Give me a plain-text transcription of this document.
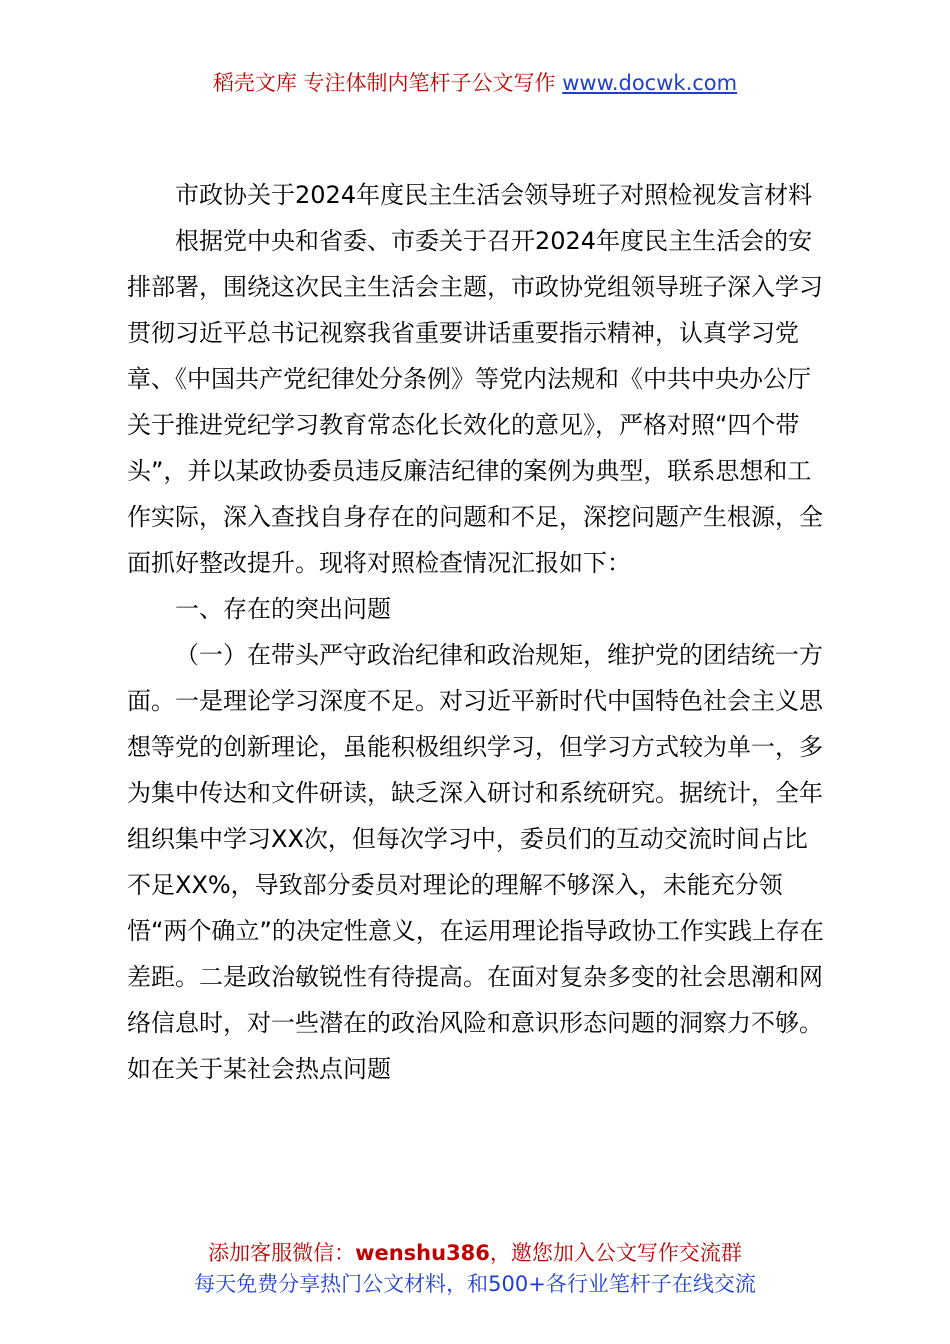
稻壳文库 专注体制内笔杆子公文写作 www.docwk.com

市政协关于2024年度民主生活会领导班子对照检视发言材料

根据党中央和省委、市委关于召开2024年度民主生活会的安排部署，围绕这次民主生活会主题，市政协党组领导班子深入学习贯彻习近平总书记视察我省重要讲话重要指示精神，认真学习党章、《中国共产党纪律处分条例》等党内法规和《中共中央办公厅关于推进党纪学习教育常态化长效化的意见》，严格对照“四个带头”，并以某政协委员违反廉洁纪律的案例为典型，联系思想和工作实际，深入查找自身存在的问题和不足，深挖问题产生根源，全面抓好整改提升。现将对照检查情况汇报如下：

一、存在的突出问题

（一）在带头严守政治纪律和政治规矩，维护党的团结统一方面。一是理论学习深度不足。对习近平新时代中国特色社会主义思想等党的创新理论，虽能积极组织学习，但学习方式较为单一，多为集中传达和文件研读，缺乏深入研讨和系统研究。据统计，全年组织集中学习XX次，但每次学习中，委员们的互动交流时间占比不足XX%，导致部分委员对理论的理解不够深入，未能充分领悟“两个确立”的决定性意义，在运用理论指导政协工作实践上存在差距。二是政治敏锐性有待提高。在面对复杂多变的社会思潮和网络信息时，对一些潜在的政治风险和意识形态问题的洞察力不够。如在关于某社会热点问题

添加客服微信：wenshu386，邀您加入公文写作交流群
每天免费分享热门公文材料，和500+各行业笔杆子在线交流
